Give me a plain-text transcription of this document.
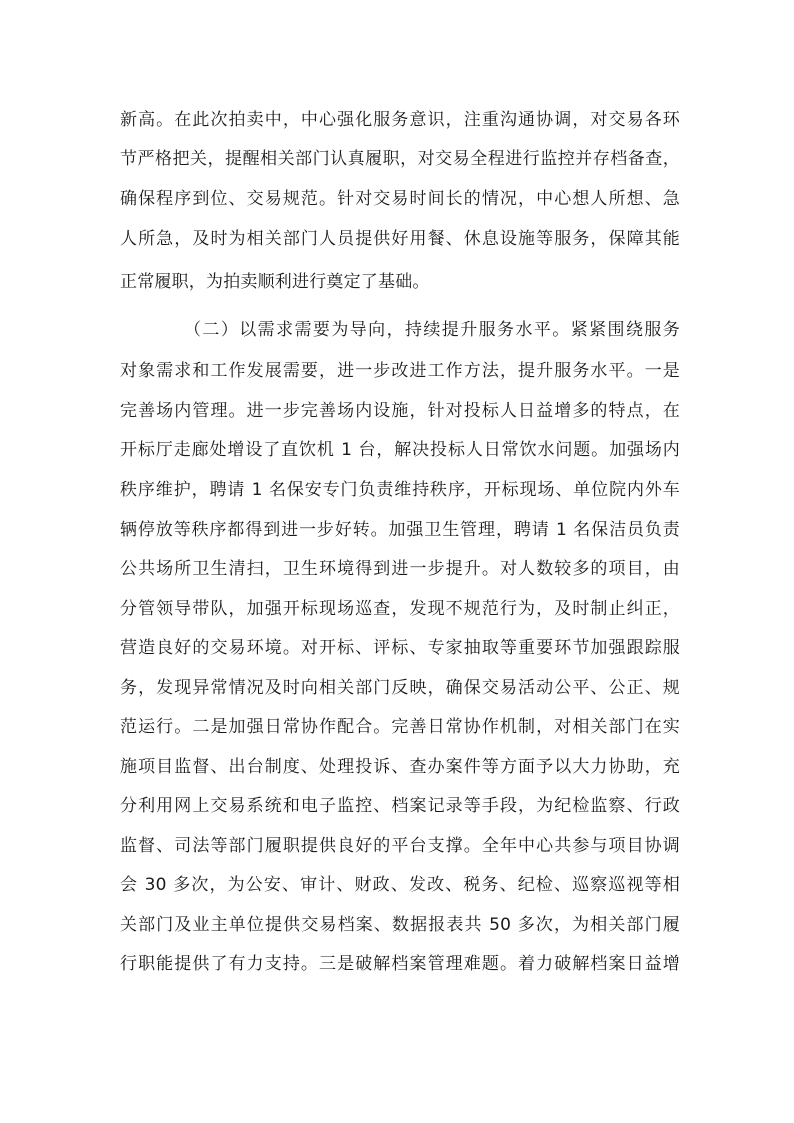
新高。在此次拍卖中，中心强化服务意识，注重沟通协调，对交易各环
节严格把关，提醒相关部门认真履职，对交易全程进行监控并存档备查，
确保程序到位、交易规范。针对交易时间长的情况，中心想人所想、急
人所急，及时为相关部门人员提供好用餐、休息设施等服务，保障其能
正常履职，为拍卖顺利进行奠定了基础。
（二）以需求需要为导向，持续提升服务水平。紧紧围绕服务
对象需求和工作发展需要，进一步改进工作方法，提升服务水平。一是
完善场内管理。进一步完善场内设施，针对投标人日益增多的特点，在
开标厅走廊处增设了直饮机 1 台，解决投标人日常饮水问题。加强场内
秩序维护，聘请 1 名保安专门负责维持秩序，开标现场、单位院内外车
辆停放等秩序都得到进一步好转。加强卫生管理，聘请 1 名保洁员负责
公共场所卫生清扫，卫生环境得到进一步提升。对人数较多的项目，由
分管领导带队，加强开标现场巡查，发现不规范行为，及时制止纠正，
营造良好的交易环境。对开标、评标、专家抽取等重要环节加强跟踪服
务，发现异常情况及时向相关部门反映，确保交易活动公平、公正、规
范运行。二是加强日常协作配合。完善日常协作机制，对相关部门在实
施项目监督、出台制度、处理投诉、查办案件等方面予以大力协助，充
分利用网上交易系统和电子监控、档案记录等手段，为纪检监察、行政
监督、司法等部门履职提供良好的平台支撑。全年中心共参与项目协调
会 30 多次，为公安、审计、财政、发改、税务、纪检、巡察巡视等相
关部门及业主单位提供交易档案、数据报表共 50 多次，为相关部门履
行职能提供了有力支持。三是破解档案管理难题。着力破解档案日益增
